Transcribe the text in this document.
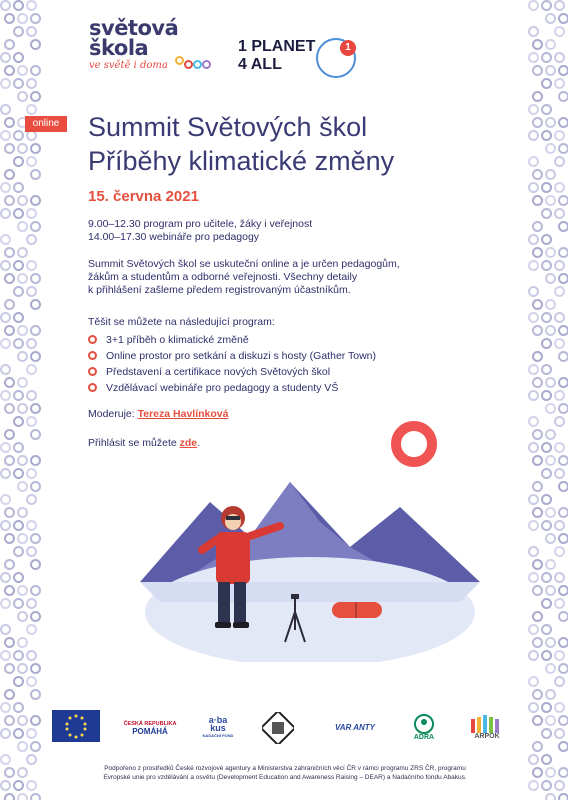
světová
škola
ve světě i doma
1 PLANET
4 ALL
1
online Summit Světových škol
Příběhy klimatické změny
15. června 2021
9.00–12.30 program pro učitele, žáky i veřejnost
14.00–17.30 webináře pro pedagogy
Summit Světových škol se uskuteční online a je určen pedagogům,
žákům a studentům a odborné veřejnosti. Všechny detaily
k přihlášení zašleme předem registrovaným účastníkům.
Těšit se můžete na následující program:
3+1 příběh o klimatické změně
Online prostor pro setkání a diskuzi s hosty (Gather Town)
Představení a certifikace nových Světových škol
Vzdělávací webináře pro pedagogy a studenty VŠ
Moderuje: Tereza Havlínková
Přihlásit se můžete zde.
ČESKÁ REPUBLIKA
POMÁHÁ
a·ba
kus
NADAČNÍ FOND
VAR ANTY
ADRA	ARPOK
Podpořeno z prostředků České rozvojové agentury a Ministerstva zahraničních věcí ČR v rámci programu ZRS ČR, programu
Evropské unie pro vzdělávání a osvětu (Development Education and Awareness Raising – DEAR) a Nadačního fondu Abakus.
